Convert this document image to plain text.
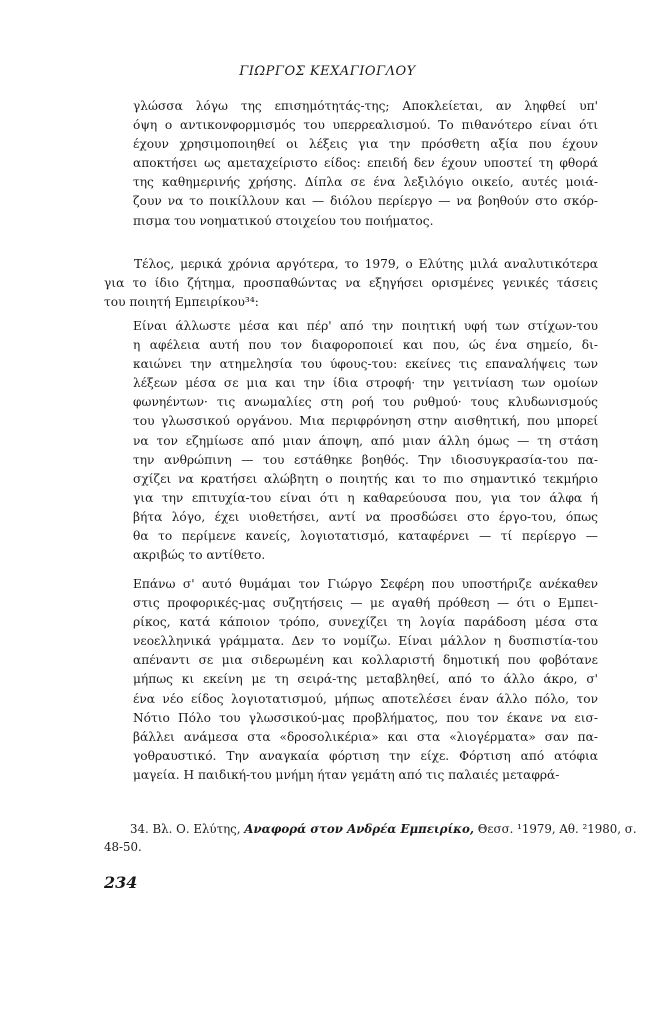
ΓΙΩΡΓΟΣ ΚΕΧΑΓΙΟΓΛΟΥ
γλώσσα λόγω της επισημότητάς-της; Αποκλείεται, αν ληφθεί υπ'
όψη ο αντικονφορμισμός του υπερρεαλισμού. Το πιθανότερο είναι ότι
έχουν χρησιμοποιηθεί οι λέξεις για την πρόσθετη αξία που έχουν
αποκτήσει ως αμεταχείριστο είδος: επειδή δεν έχουν υποστεί τη φθορά
της καθημερινής χρήσης. Δίπλα σε ένα λεξιλόγιο οικείο, αυτές μοιά-
ζουν να το ποικίλλουν και — διόλου περίεργο — να βοηθούν στο σκόρ-
πισμα του νοηματικού στοιχείου του ποιήματος.
Τέλος, μερικά χρόνια αργότερα, το 1979, ο Ελύτης μιλά αναλυτικότερα
για το ίδιο ζήτημα, προσπαθώντας να εξηγήσει ορισμένες γενικές τάσεις
του ποιητή Εμπειρίκου³⁴:
Είναι άλλωστε μέσα και πέρ' από την ποιητική υφή των στίχων-του
η αφέλεια αυτή που τον διαφοροποιεί και που, ώς ένα σημείο, δι-
καιώνει την ατημελησία του ύφους-του: εκείνες τις επαναλήψεις των
λέξεων μέσα σε μια και την ίδια στροφή· την γειτνίαση των ομοίων
φωνηέντων· τις ανωμαλίες στη ροή του ρυθμού· τους κλυδωνισμούς
του γλωσσικού οργάνου. Μια περιφρόνηση στην αισθητική, που μπορεί
να τον εζημίωσε από μιαν άποψη, από μιαν άλλη όμως — τη στάση
την ανθρώπινη — του εστάθηκε βοηθός. Την ιδιοσυγκρασία-του πα-
σχίζει να κρατήσει αλώβητη ο ποιητής και το πιο σημαντικό τεκμήριο
για την επιτυχία-του είναι ότι η καθαρεύουσα που, για τον άλφα ή
βήτα λόγο, έχει υιοθετήσει, αντί να προσδώσει στο έργο-του, όπως
θα το περίμενε κανείς, λογιοτατισμό, καταφέρνει — τί περίεργο —
ακριβώς το αντίθετο.
Επάνω σ' αυτό θυμάμαι τον Γιώργο Σεφέρη που υποστήριζε ανέκαθεν
στις προφορικές-μας συζητήσεις — με αγαθή πρόθεση — ότι ο Εμπει-
ρίκος, κατά κάποιον τρόπο, συνεχίζει τη λογία παράδοση μέσα στα
νεοελληνικά γράμματα. Δεν το νομίζω. Είναι μάλλον η δυσπιστία-του
απέναντι σε μια σιδερωμένη και κολλαριστή δημοτική που φοβότανε
μήπως κι εκείνη με τη σειρά-της μεταβληθεί, από το άλλο άκρο, σ'
ένα νέο είδος λογιοτατισμού, μήπως αποτελέσει έναν άλλο πόλο, τον
Νότιο Πόλο του γλωσσικού-μας προβλήματος, που τον έκανε να εισ-
βάλλει ανάμεσα στα «δροσολικέρια» και στα «λιογέρματα» σαν πα-
γοθραυστικό. Την αναγκαία φόρτιση την είχε. Φόρτιση από ατόφια
μαγεία. Η παιδική-του μνήμη ήταν γεμάτη από τις παλαιές μεταφρά-
34. Βλ. Ο. Ελύτης, Αναφορά στον Ανδρέα Εμπειρίκο, Θεσσ. ¹1979, Αθ. ²1980, σ.
48-50.
234
